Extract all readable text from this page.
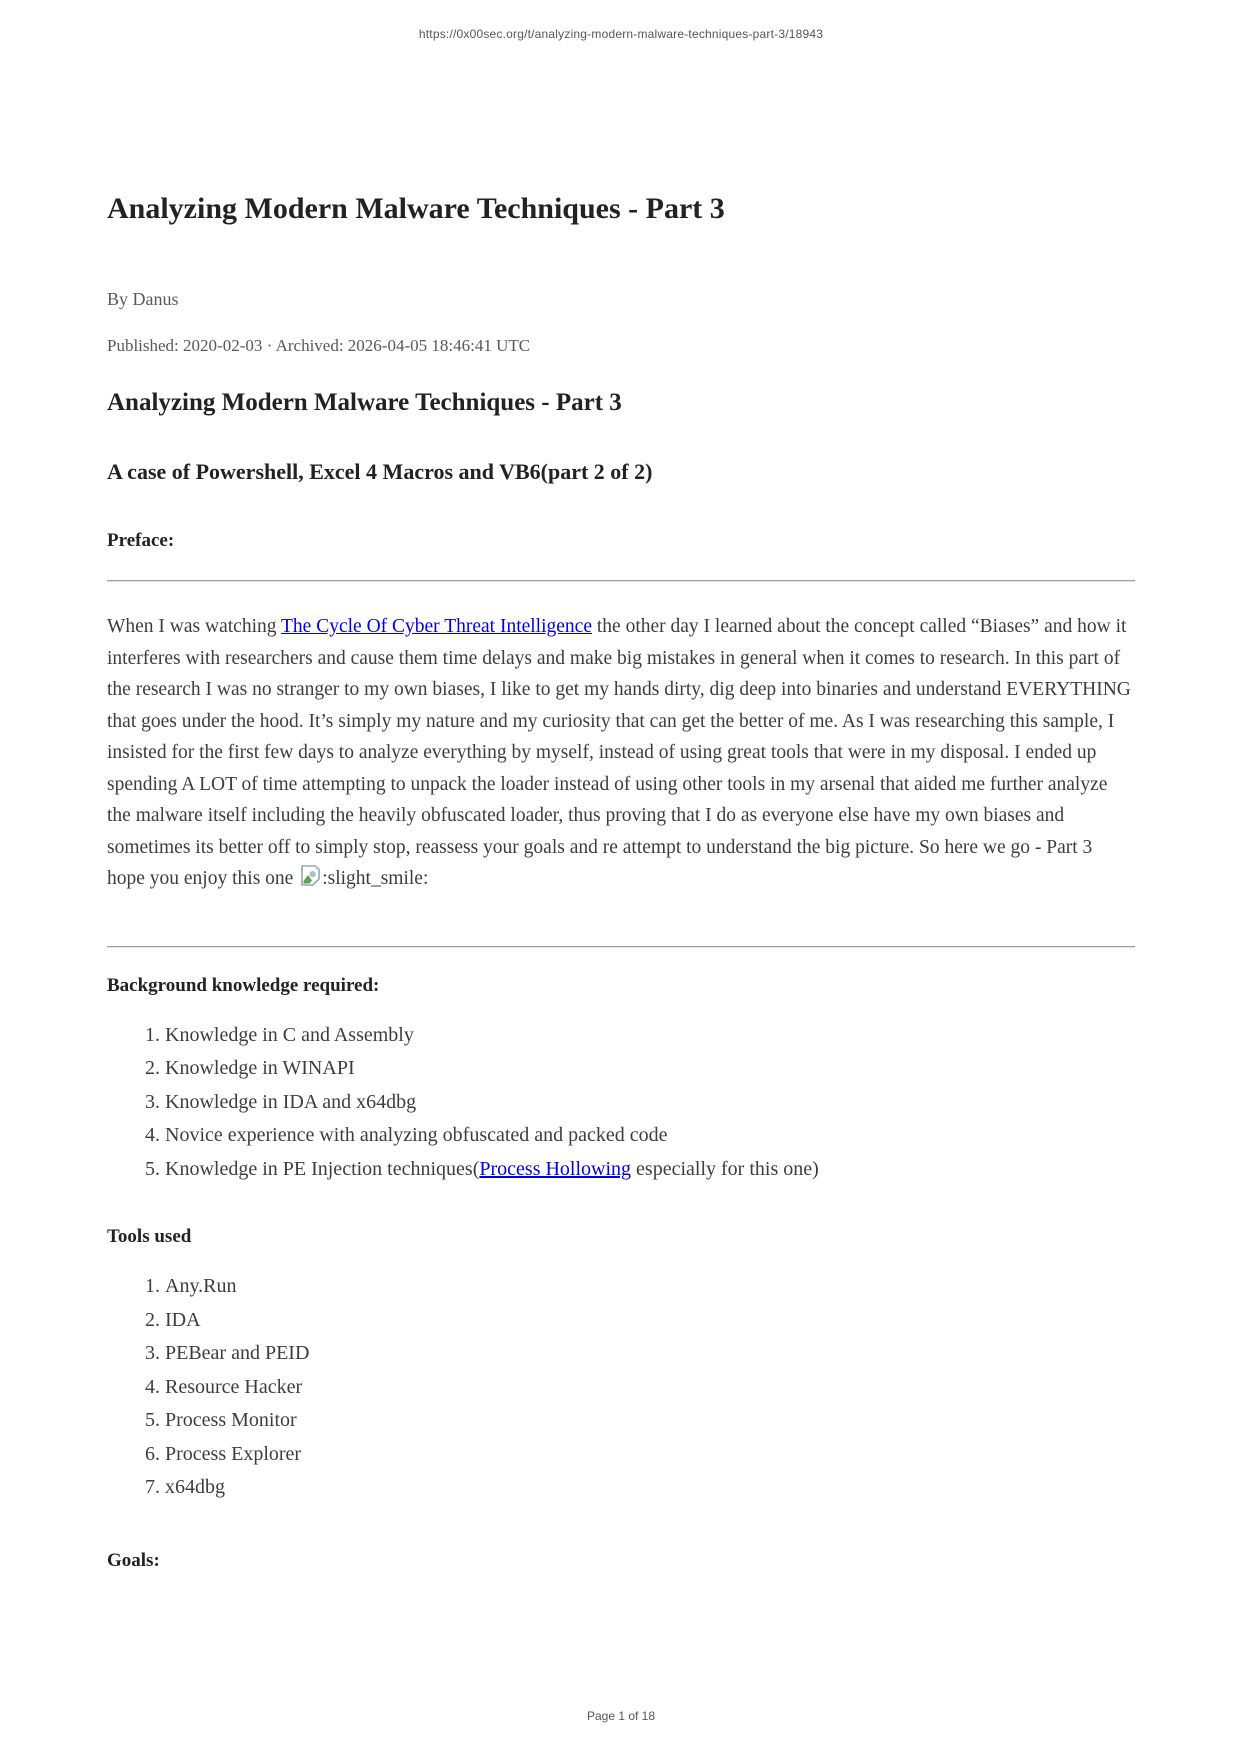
https://0x00sec.org/t/analyzing-modern-malware-techniques-part-3/18943
Analyzing Modern Malware Techniques - Part 3
By Danus
Published: 2020-02-03 · Archived: 2026-04-05 18:46:41 UTC
Analyzing Modern Malware Techniques - Part 3
A case of Powershell, Excel 4 Macros and VB6(part 2 of 2)
Preface:

When I was watching The Cycle Of Cyber Threat Intelligence the other day I learned about the concept called “Biases” and how it interferes with researchers and cause them time delays and make big mistakes in general when it comes to research. In this part of the research I was no stranger to my own biases, I like to get my hands dirty, dig deep into binaries and understand EVERYTHING that goes under the hood. It’s simply my nature and my curiosity that can get the better of me. As I was researching this sample, I insisted for the first few days to analyze everything by myself, instead of using great tools that were in my disposal. I ended up spending A LOT of time attempting to unpack the loader instead of using other tools in my arsenal that aided me further analyze the malware itself including the heavily obfuscated loader, thus proving that I do as everyone else have my own biases and sometimes its better off to simply stop, reassess your goals and re attempt to understand the big picture. So here we go - Part 3 hope you enjoy this one :slight_smile:

Background knowledge required:
1. Knowledge in C and Assembly
2. Knowledge in WINAPI
3. Knowledge in IDA and x64dbg
4. Novice experience with analyzing obfuscated and packed code
5. Knowledge in PE Injection techniques(Process Hollowing especially for this one)
Tools used
1. Any.Run
2. IDA
3. PEBear and PEID
4. Resource Hacker
5. Process Monitor
6. Process Explorer
7. x64dbg
Goals:
Page 1 of 18
